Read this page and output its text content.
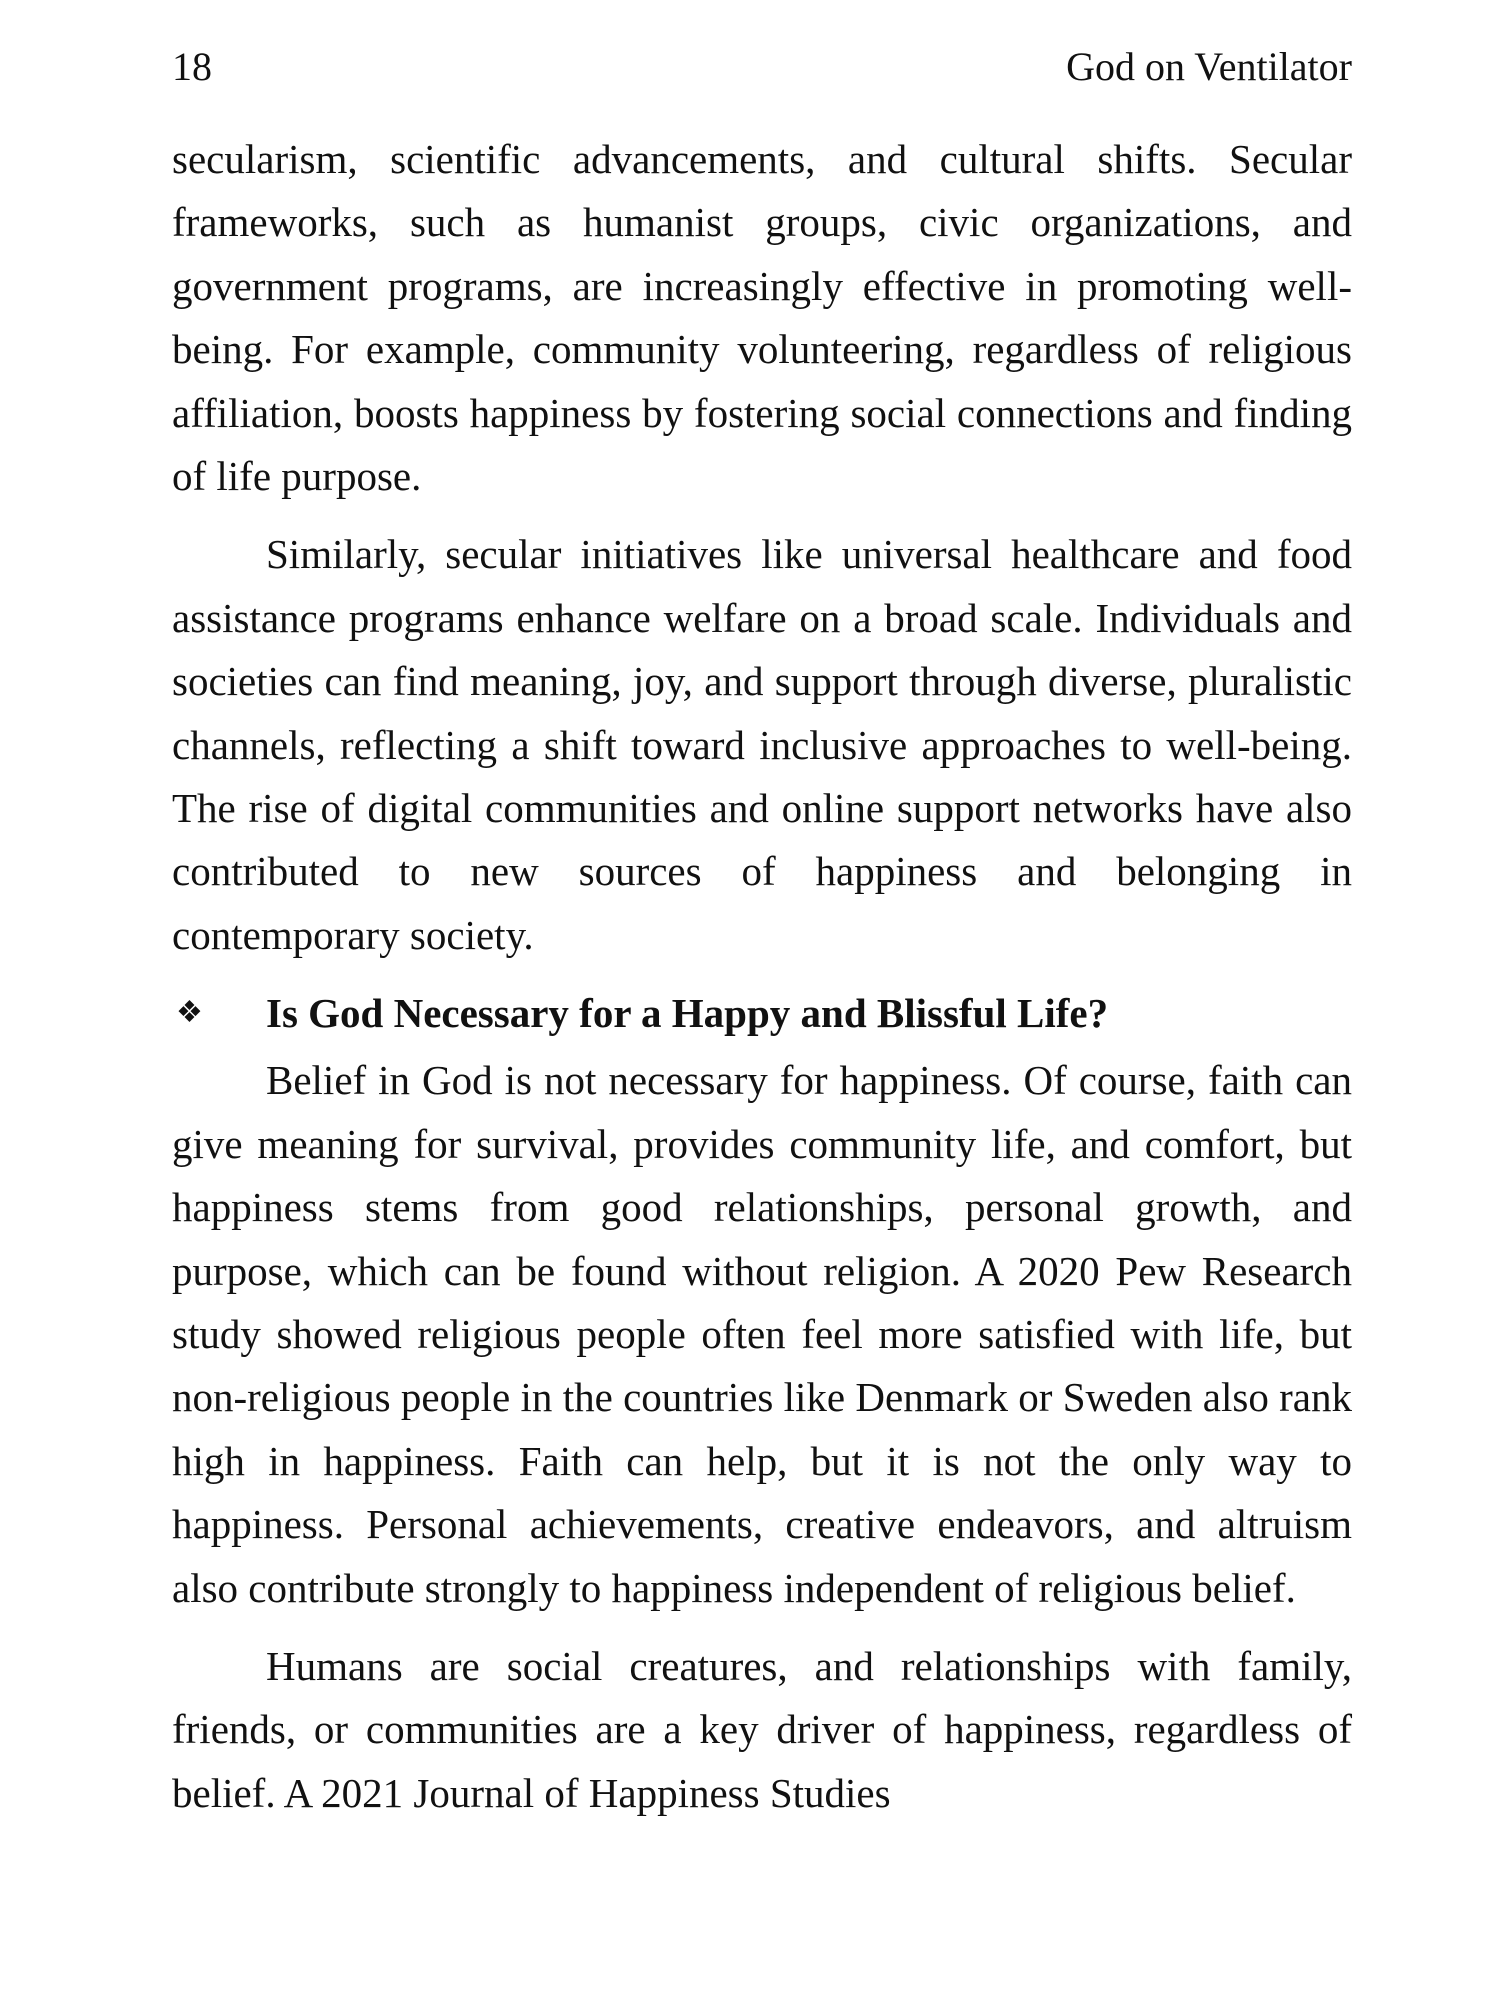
18	God on Ventilator

secularism, scientific advancements, and cultural shifts. Secular frameworks, such as humanist groups, civic organizations, and government programs, are increasingly effective in promoting well-being. For example, community volunteering, regardless of religious affiliation, boosts happiness by fostering social connections and finding of life purpose.

Similarly, secular initiatives like universal healthcare and food assistance programs enhance welfare on a broad scale. Individuals and societies can find meaning, joy, and support through diverse, pluralistic channels, reflecting a shift toward inclusive approaches to well-being. The rise of digital communities and online support networks have also contributed to new sources of happiness and belonging in contemporary society.

❖	Is God Necessary for a Happy and Blissful Life?

Belief in God is not necessary for happiness. Of course, faith can give meaning for survival, provides community life, and comfort, but happiness stems from good relationships, personal growth, and purpose, which can be found without religion. A 2020 Pew Research study showed religious people often feel more satisfied with life, but non-religious people in the countries like Denmark or Sweden also rank high in happiness. Faith can help, but it is not the only way to happiness. Personal achievements, creative endeavors, and altruism also contribute strongly to happiness independent of religious belief.

Humans are social creatures, and relationships with family, friends, or communities are a key driver of happiness, regardless of belief. A 2021 Journal of Happiness Studies
